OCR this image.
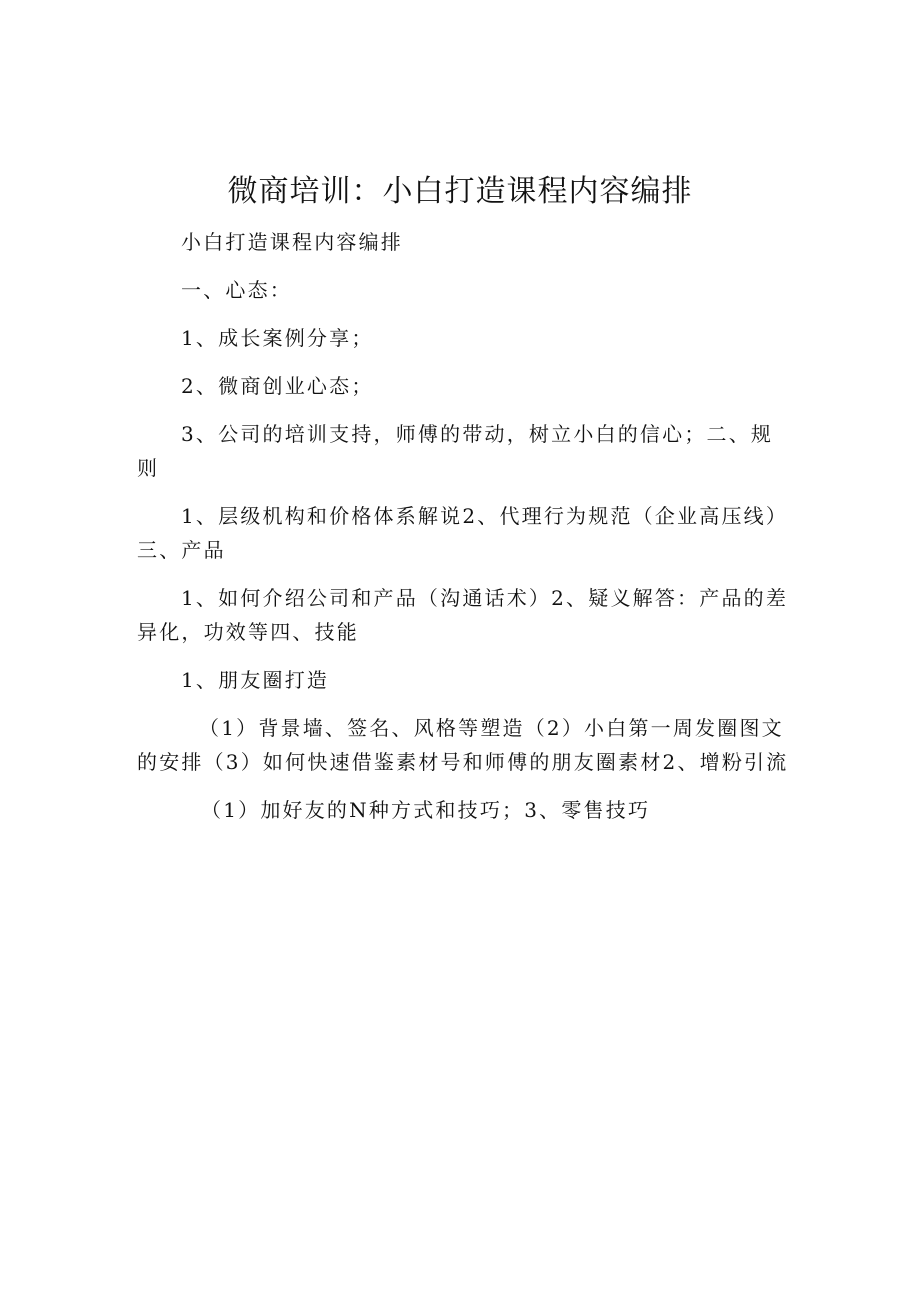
微商培训：小白打造课程内容编排

小白打造课程内容编排

一、心态：

1、成长案例分享；

2、微商创业心态；

3、公司的培训支持，师傅的带动，树立小白的信心；二、规则

1、层级机构和价格体系解说2、代理行为规范（企业高压线）三、产品

1、如何介绍公司和产品（沟通话术）2、疑义解答：产品的差异化，功效等四、技能

1、朋友圈打造

（1）背景墙、签名、风格等塑造（2）小白第一周发圈图文的安排（3）如何快速借鉴素材号和师傅的朋友圈素材2、增粉引流

（1）加好友的N种方式和技巧；3、零售技巧
